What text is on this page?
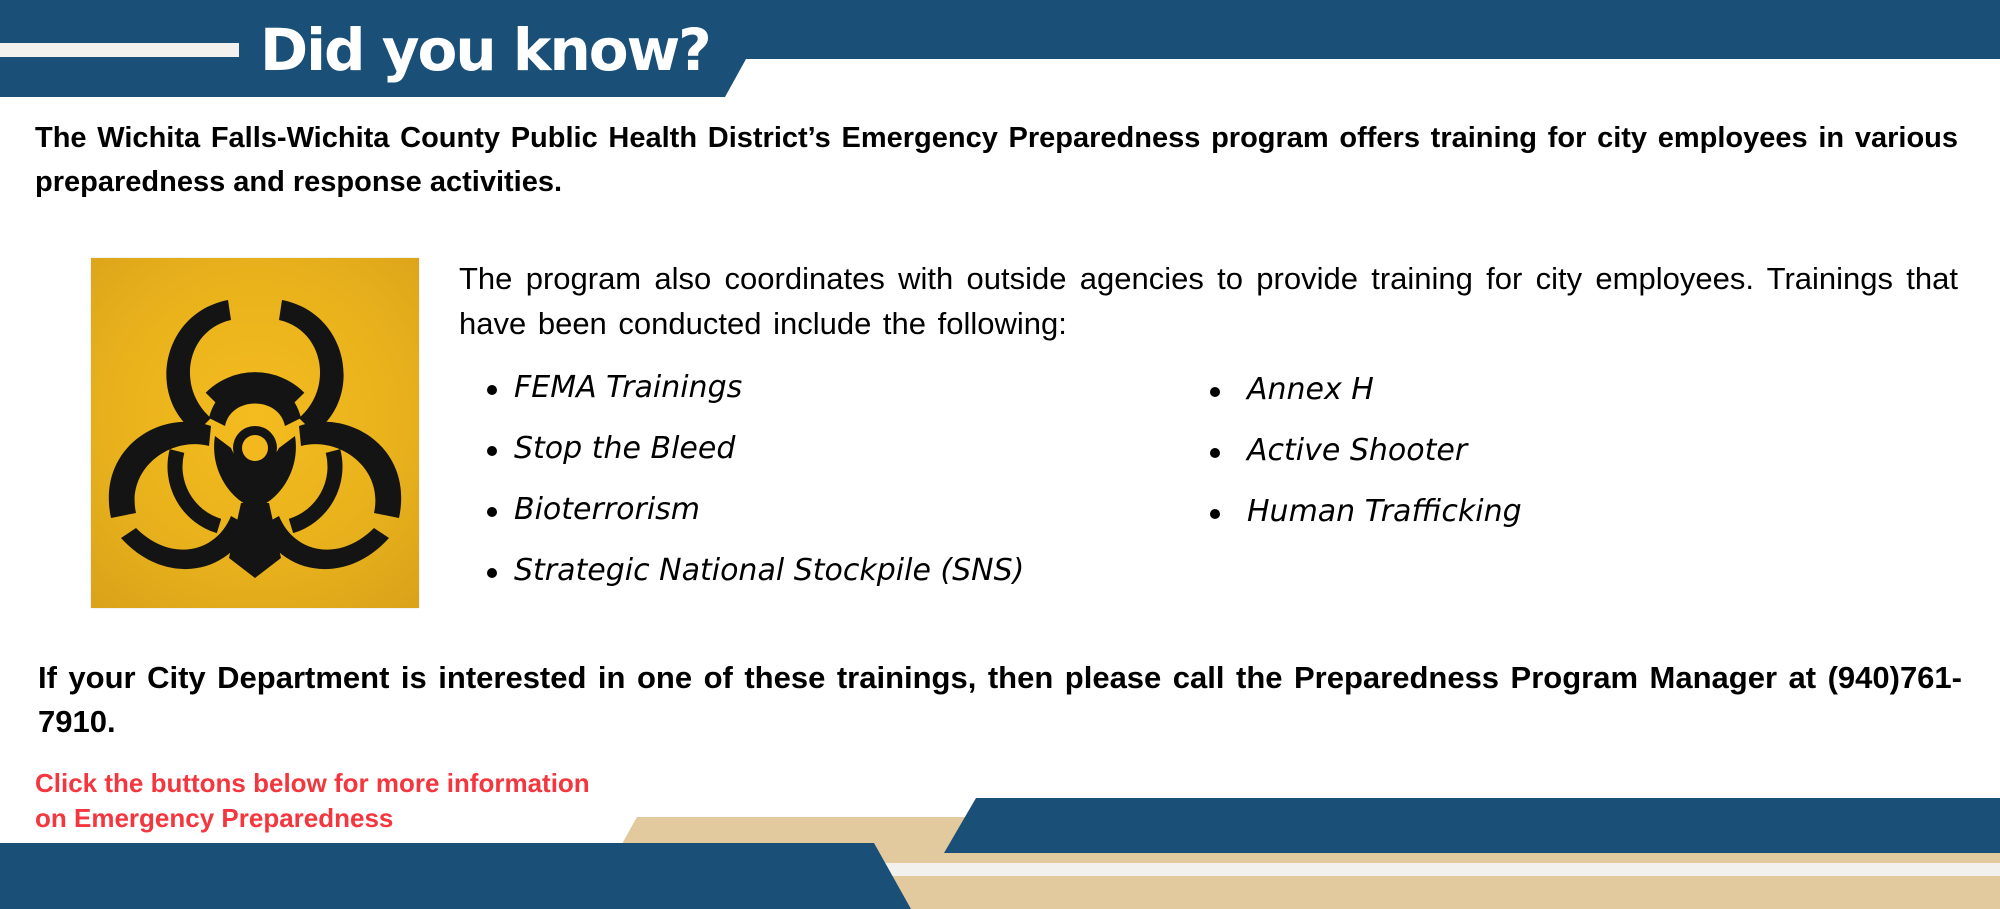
Did you know?

The Wichita Falls-Wichita County Public Health District’s Emergency Preparedness program offers training for city employees in various preparedness and response activities.

The program also coordinates with outside agencies to provide training for city employees. Trainings that have been conducted include the following:

FEMA Trainings
Stop the Bleed
Bioterrorism
Strategic National Stockpile (SNS)
Annex H
Active Shooter
Human Trafficking

If your City Department is interested in one of these trainings, then please call the Preparedness Program Manager at (940)761-7910.

Click the buttons below for more information
on Emergency Preparedness
